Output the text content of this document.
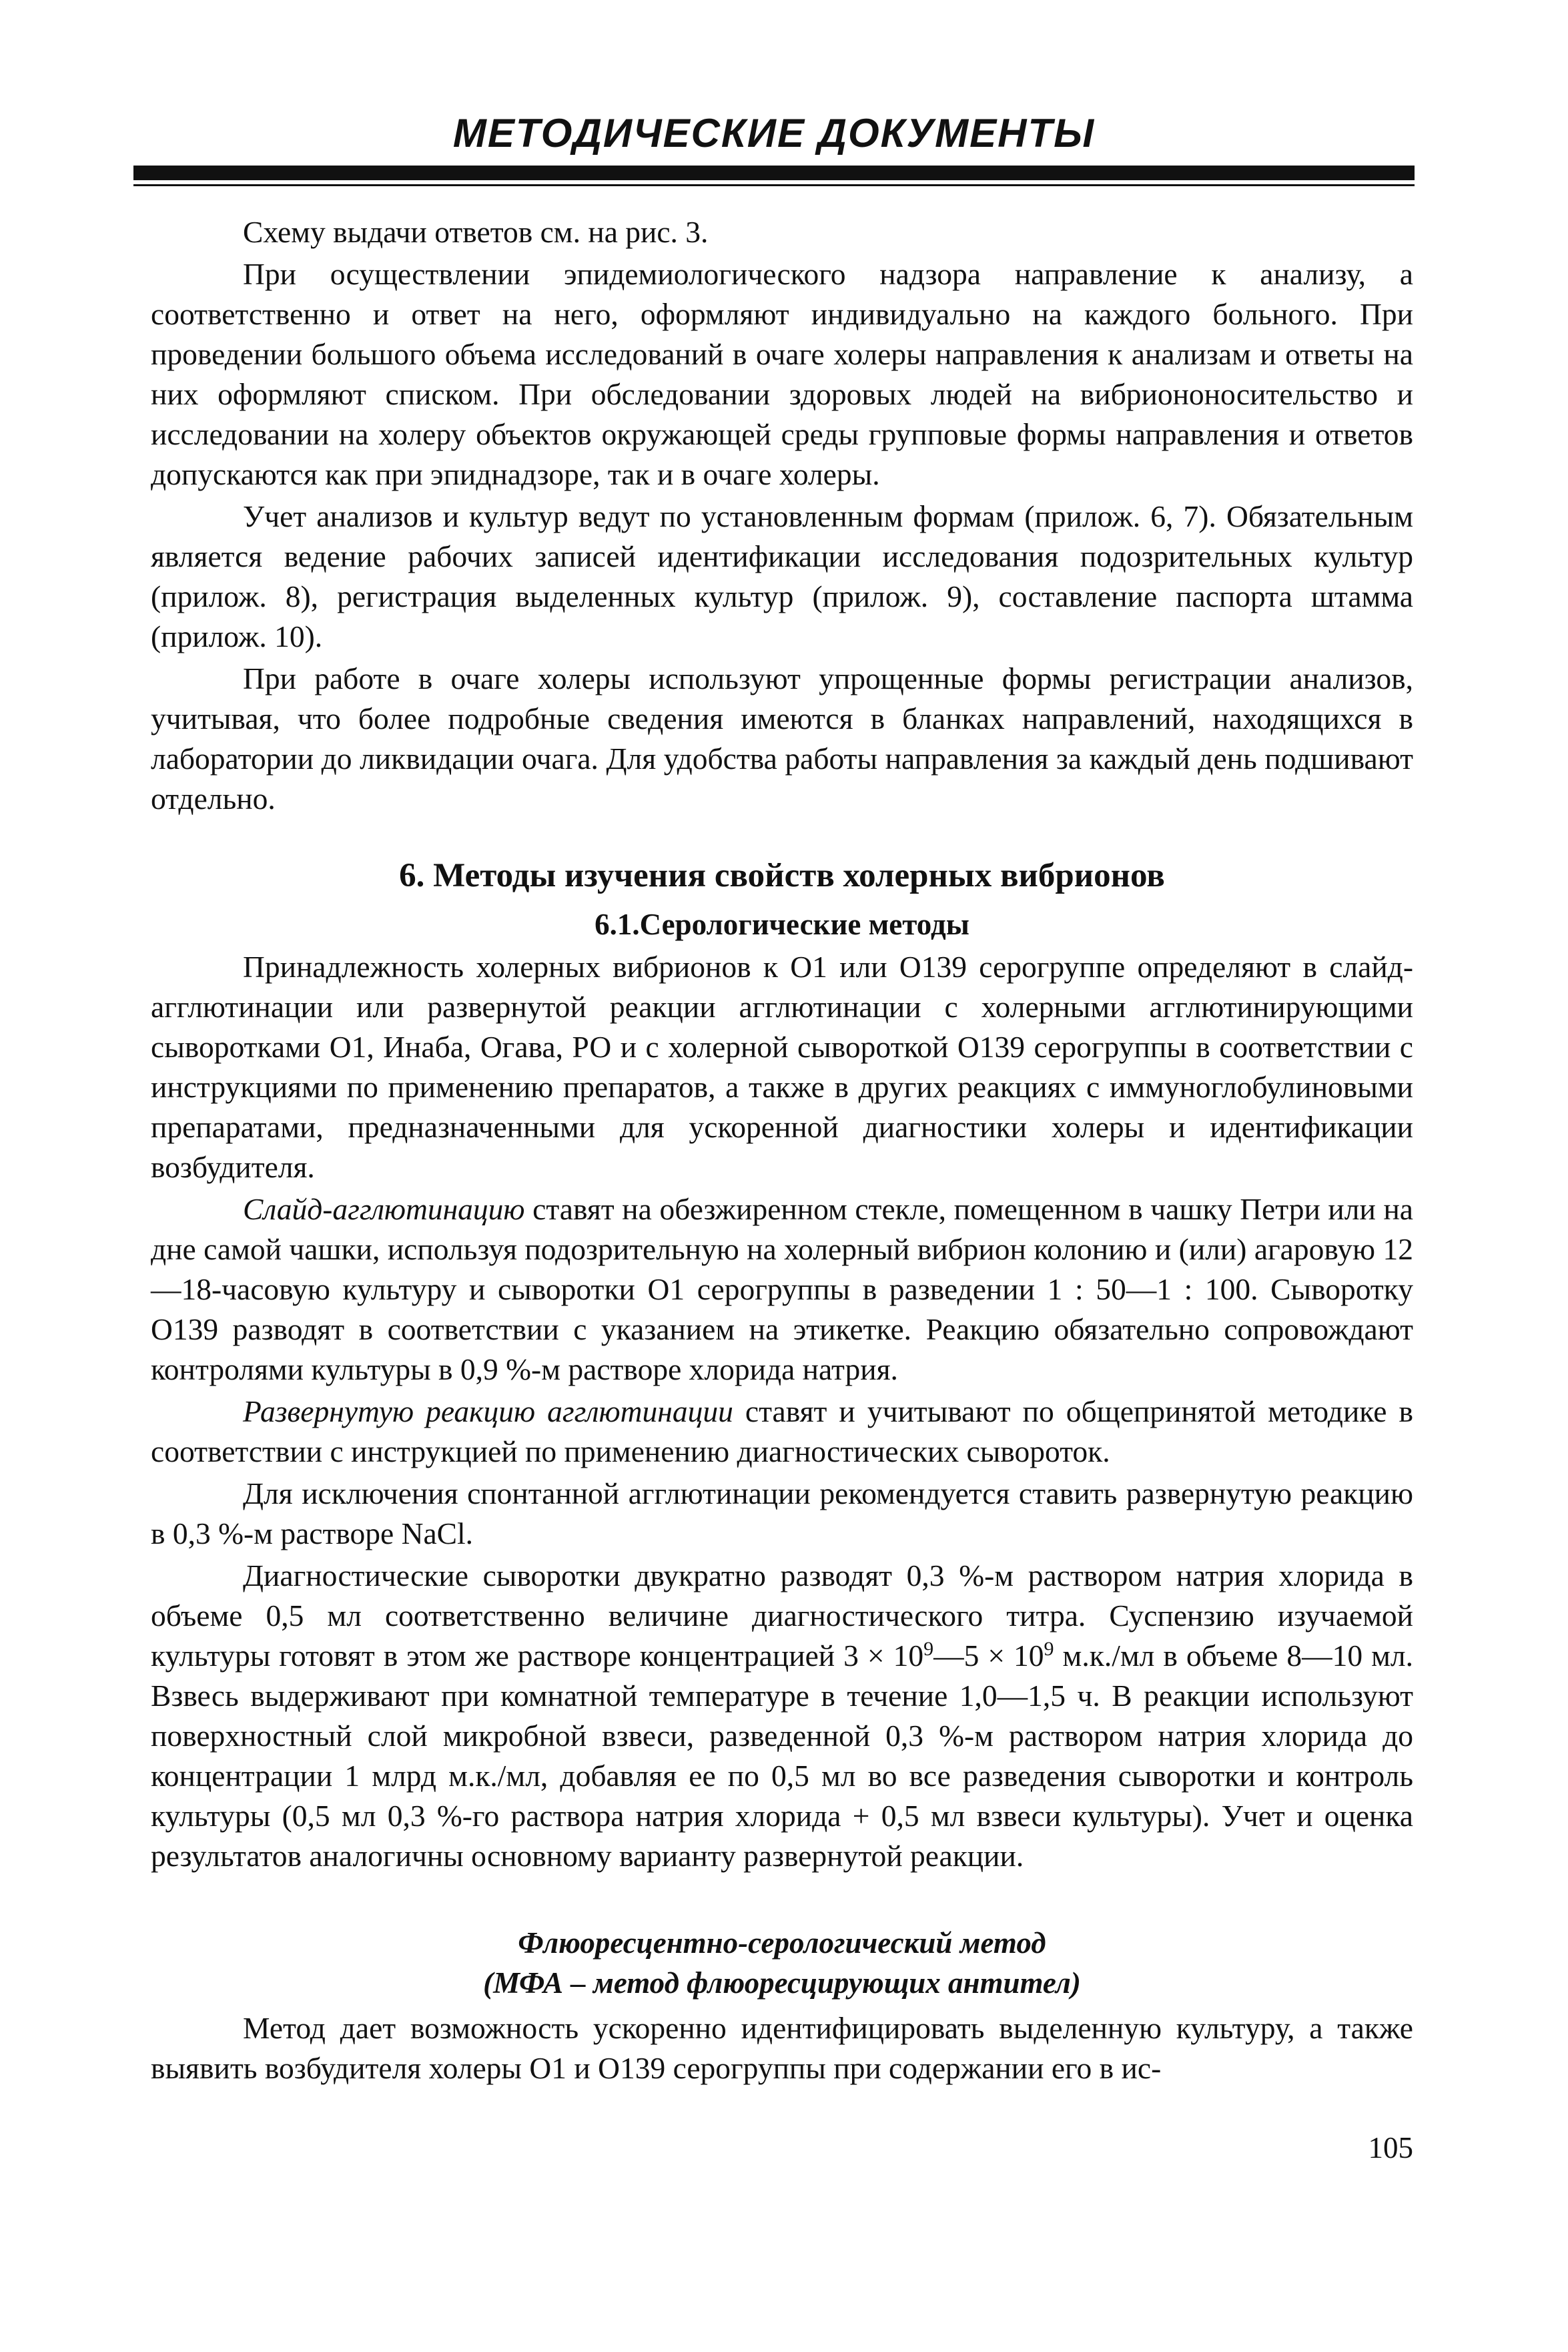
МЕТОДИЧЕСКИЕ ДОКУМЕНТЫ

Схему выдачи ответов см. на рис. 3.

При осуществлении эпидемиологического надзора направление к анализу, а соответственно и ответ на него, оформляют индивидуально на каждого больного. При проведении большого объема исследований в очаге холеры направления к анализам и ответы на них оформляют списком. При обследовании здоровых людей на вибриононосительство и исследовании на холеру объектов окружающей среды групповые формы направления и ответов допускаются как при эпиднадзоре, так и в очаге холеры.

Учет анализов и культур ведут по установленным формам (прилож. 6, 7). Обязательным является ведение рабочих записей идентификации исследования подозрительных культур (прилож. 8), регистрация выделенных культур (прилож. 9), составление паспорта штамма (прилож. 10).

При работе в очаге холеры используют упрощенные формы регистрации анализов, учитывая, что более подробные сведения имеются в бланках направлений, находящихся в лаборатории до ликвидации очага. Для удобства работы направления за каждый день подшивают отдельно.

6. Методы изучения свойств холерных вибрионов
6.1.Серологические методы

Принадлежность холерных вибрионов к О1 или О139 серогруппе определяют в слайд-агглютинации или развернутой реакции агглютинации с холерными агглютинирующими сыворотками О1, Инаба, Огава, РО и с холерной сывороткой О139 серогруппы в соответствии с инструкциями по применению препаратов, а также в других реакциях с иммуноглобулиновыми препаратами, предназначенными для ускоренной диагностики холеры и идентификации возбудителя.

Слайд-агглютинацию ставят на обезжиренном стекле, помещенном в чашку Петри или на дне самой чашки, используя подозрительную на холерный вибрион колонию и (или) агаровую 12—18-часовую культуру и сыворотки О1 серогруппы в разведении 1 : 50—1 : 100. Сыворотку О139 разводят в соответствии с указанием на этикетке. Реакцию обязательно сопровождают контролями культуры в 0,9 %-м растворе хлорида натрия.

Развернутую реакцию агглютинации ставят и учитывают по общепринятой методике в соответствии с инструкцией по применению диагностических сывороток.

Для исключения спонтанной агглютинации рекомендуется ставить развернутую реакцию в 0,3 %-м растворе NaCl.

Диагностические сыворотки двукратно разводят 0,3 %-м раствором натрия хлорида в объеме 0,5 мл соответственно величине диагностического титра. Суспензию изучаемой культуры готовят в этом же растворе концентрацией $3 \times 10^9—5 \times 10^9$ м.к./мл в объеме 8—10 мл. Взвесь выдерживают при комнатной температуре в течение 1,0—1,5 ч. В реакции используют поверхностный слой микробной взвеси, разведенной 0,3 %-м раствором натрия хлорида до концентрации 1 млрд м.к./мл, добавляя ее по 0,5 мл во все разведения сыворотки и контроль культуры (0,5 мл 0,3 %-го раствора натрия хлорида + 0,5 мл взвеси культуры). Учет и оценка результатов аналогичны основному варианту развернутой реакции.

Флюоресцентно-серологический метод
(МФА – метод флюоресцирующих антител)

Метод дает возможность ускоренно идентифицировать выделенную культуру, а также выявить возбудителя холеры О1 и О139 серогруппы при содержании его в ис-

105
